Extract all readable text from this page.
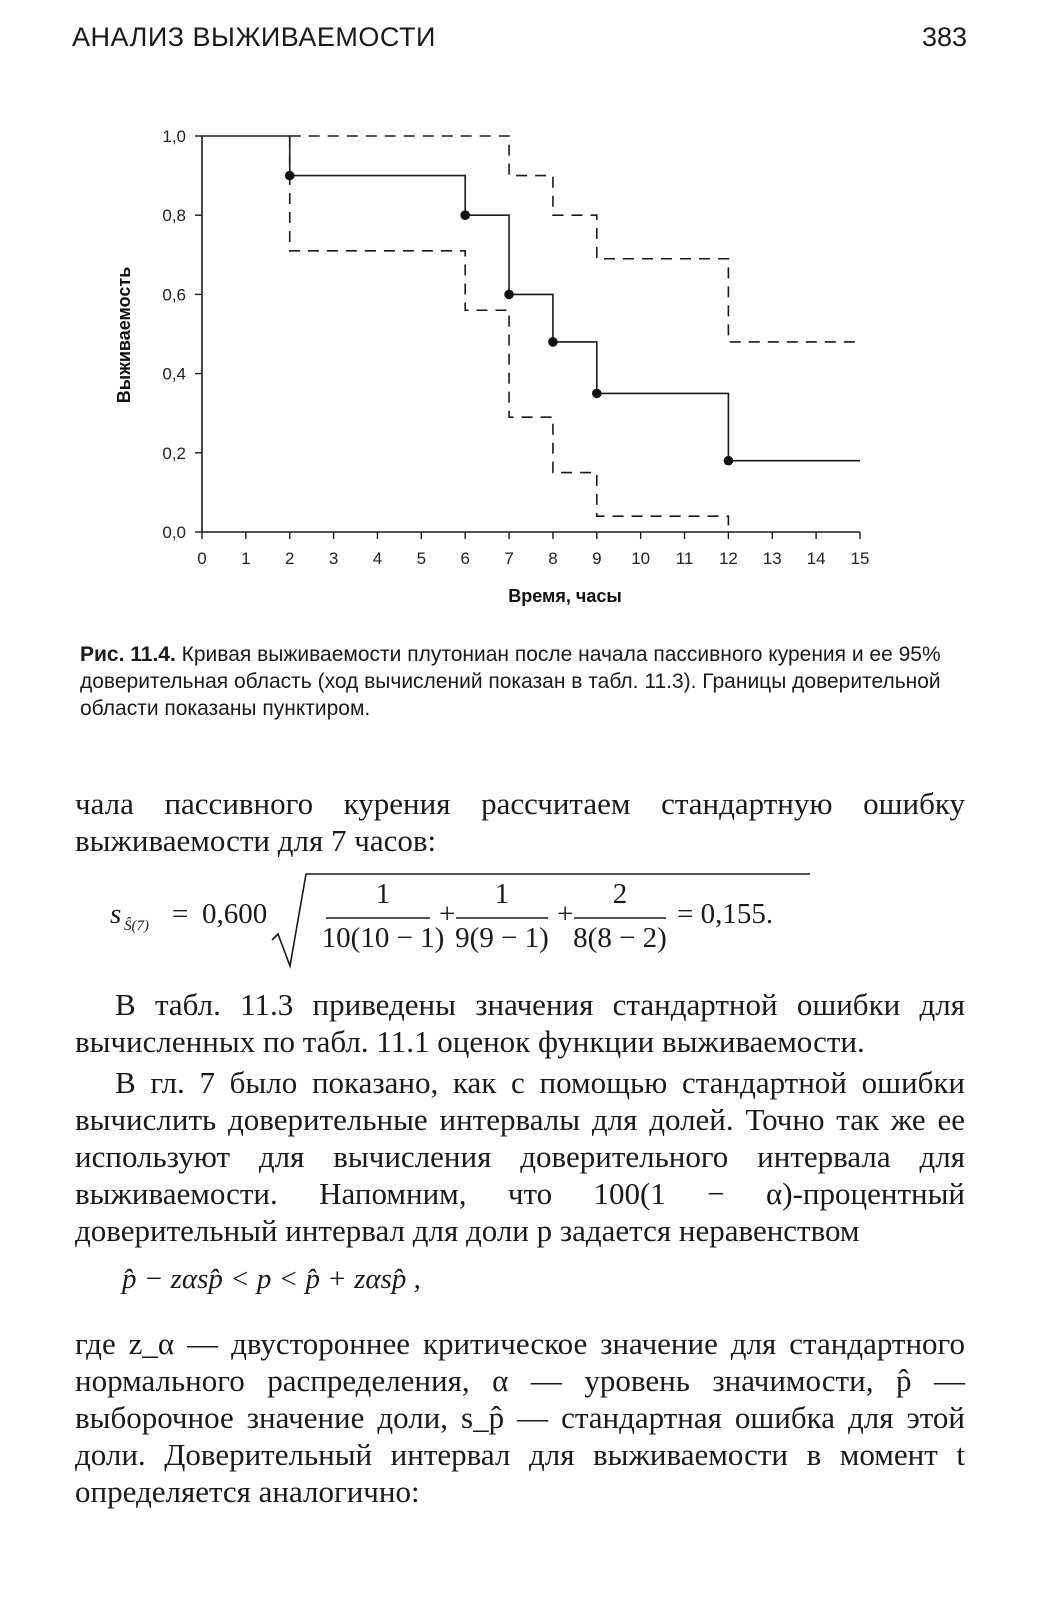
АНАЛИЗ ВЫЖИВАЕМОСТИ	383
0,0
0,2
0,4
0,6
0,8
1,0
0 1 2 3 4 5 6 7 8 9 10 11 12 13 14 15
Выживаемость
Время, часы

Рис. 11.4. Кривая выживаемости плутониан после начала пассивного курения и ее 95% доверительная область (ход вычислений показан в табл. 11.3). Границы доверительной области показаны пунктиром.

чала пассивного курения рассчитаем стандартную ошибку выживаемости для 7 часов:

s Ŝ(7) = 0,600
1
10(10 − 1)
+
1
9(9 − 1)
+
2
8(8 − 2)
= 0,155.

В табл. 11.3 приведены значения стандартной ошибки для вычисленных по табл. 11.1 оценок функции выживаемости.

В гл. 7 было показано, как с помощью стандартной ошибки вычислить доверительные интервалы для долей. Точно так же ее используют для вычисления доверительного интервала для выживаемости. Напомним, что 100(1 − α)-процентный доверительный интервал для доли p задается неравенством

p̂ − zαsp̂ < p < p̂ + zαsp̂ ,

где z_α — двустороннее критическое значение для стандартного нормального распределения, α — уровень значимости, p̂ — выборочное значение доли, s_p̂ — стандартная ошибка для этой доли. Доверительный интервал для выживаемости в момент t определяется аналогично:
